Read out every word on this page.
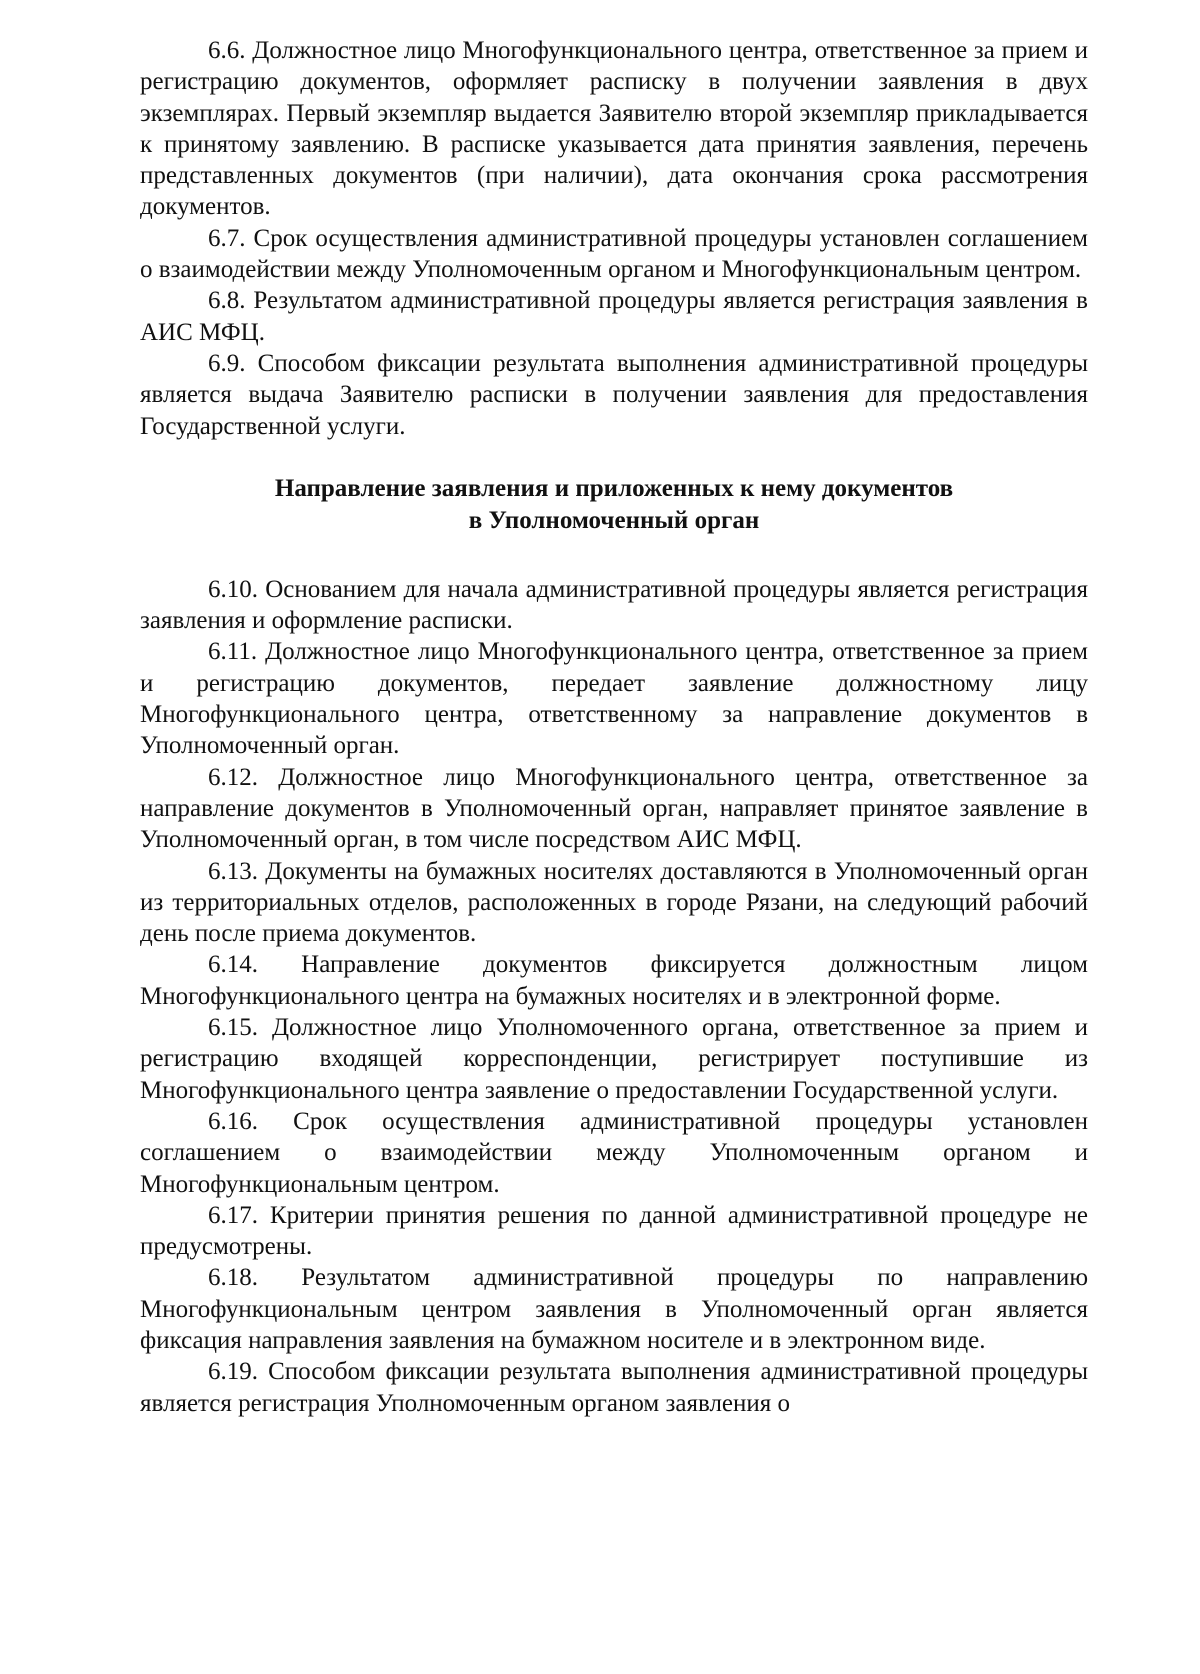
6.6. Должностное лицо Многофункционального центра, ответственное за прием и регистрацию документов, оформляет расписку в получении заявления в двух экземплярах. Первый экземпляр выдается Заявителю второй экземпляр прикладывается к принятому заявлению. В расписке указывается дата принятия заявления, перечень представленных документов (при наличии), дата окончания срока рассмотрения документов.

6.7. Срок осуществления административной процедуры установлен соглашением о взаимодействии между Уполномоченным органом и Многофункциональным центром.

6.8. Результатом административной процедуры является регистрация заявления в АИС МФЦ.

6.9. Способом фиксации результата выполнения административной процедуры является выдача Заявителю расписки в получении заявления для предоставления Государственной услуги.

Направление заявления и приложенных к нему документов
в Уполномоченный орган

6.10. Основанием для начала административной процедуры является регистрация заявления и оформление расписки.

6.11. Должностное лицо Многофункционального центра, ответственное за прием и регистрацию документов, передает заявление должностному лицу Многофункционального центра, ответственному за направление документов в Уполномоченный орган.

6.12. Должностное лицо Многофункционального центра, ответственное за направление документов в Уполномоченный орган, направляет принятое заявление в Уполномоченный орган, в том числе посредством АИС МФЦ.

6.13. Документы на бумажных носителях доставляются в Уполномоченный орган из территориальных отделов, расположенных в городе Рязани, на следующий рабочий день после приема документов.

6.14. Направление документов фиксируется должностным лицом Многофункционального центра на бумажных носителях и в электронной форме.

6.15. Должностное лицо Уполномоченного органа, ответственное за прием и регистрацию входящей корреспонденции, регистрирует поступившие из Многофункционального центра заявление о предоставлении Государственной услуги.

6.16. Срок осуществления административной процедуры установлен соглашением о взаимодействии между Уполномоченным органом и Многофункциональным центром.

6.17. Критерии принятия решения по данной административной процедуре не предусмотрены.

6.18. Результатом административной процедуры по направлению Многофункциональным центром заявления в Уполномоченный орган является фиксация направления заявления на бумажном носителе и в электронном виде.

6.19. Способом фиксации результата выполнения административной процедуры является регистрация Уполномоченным органом заявления о
